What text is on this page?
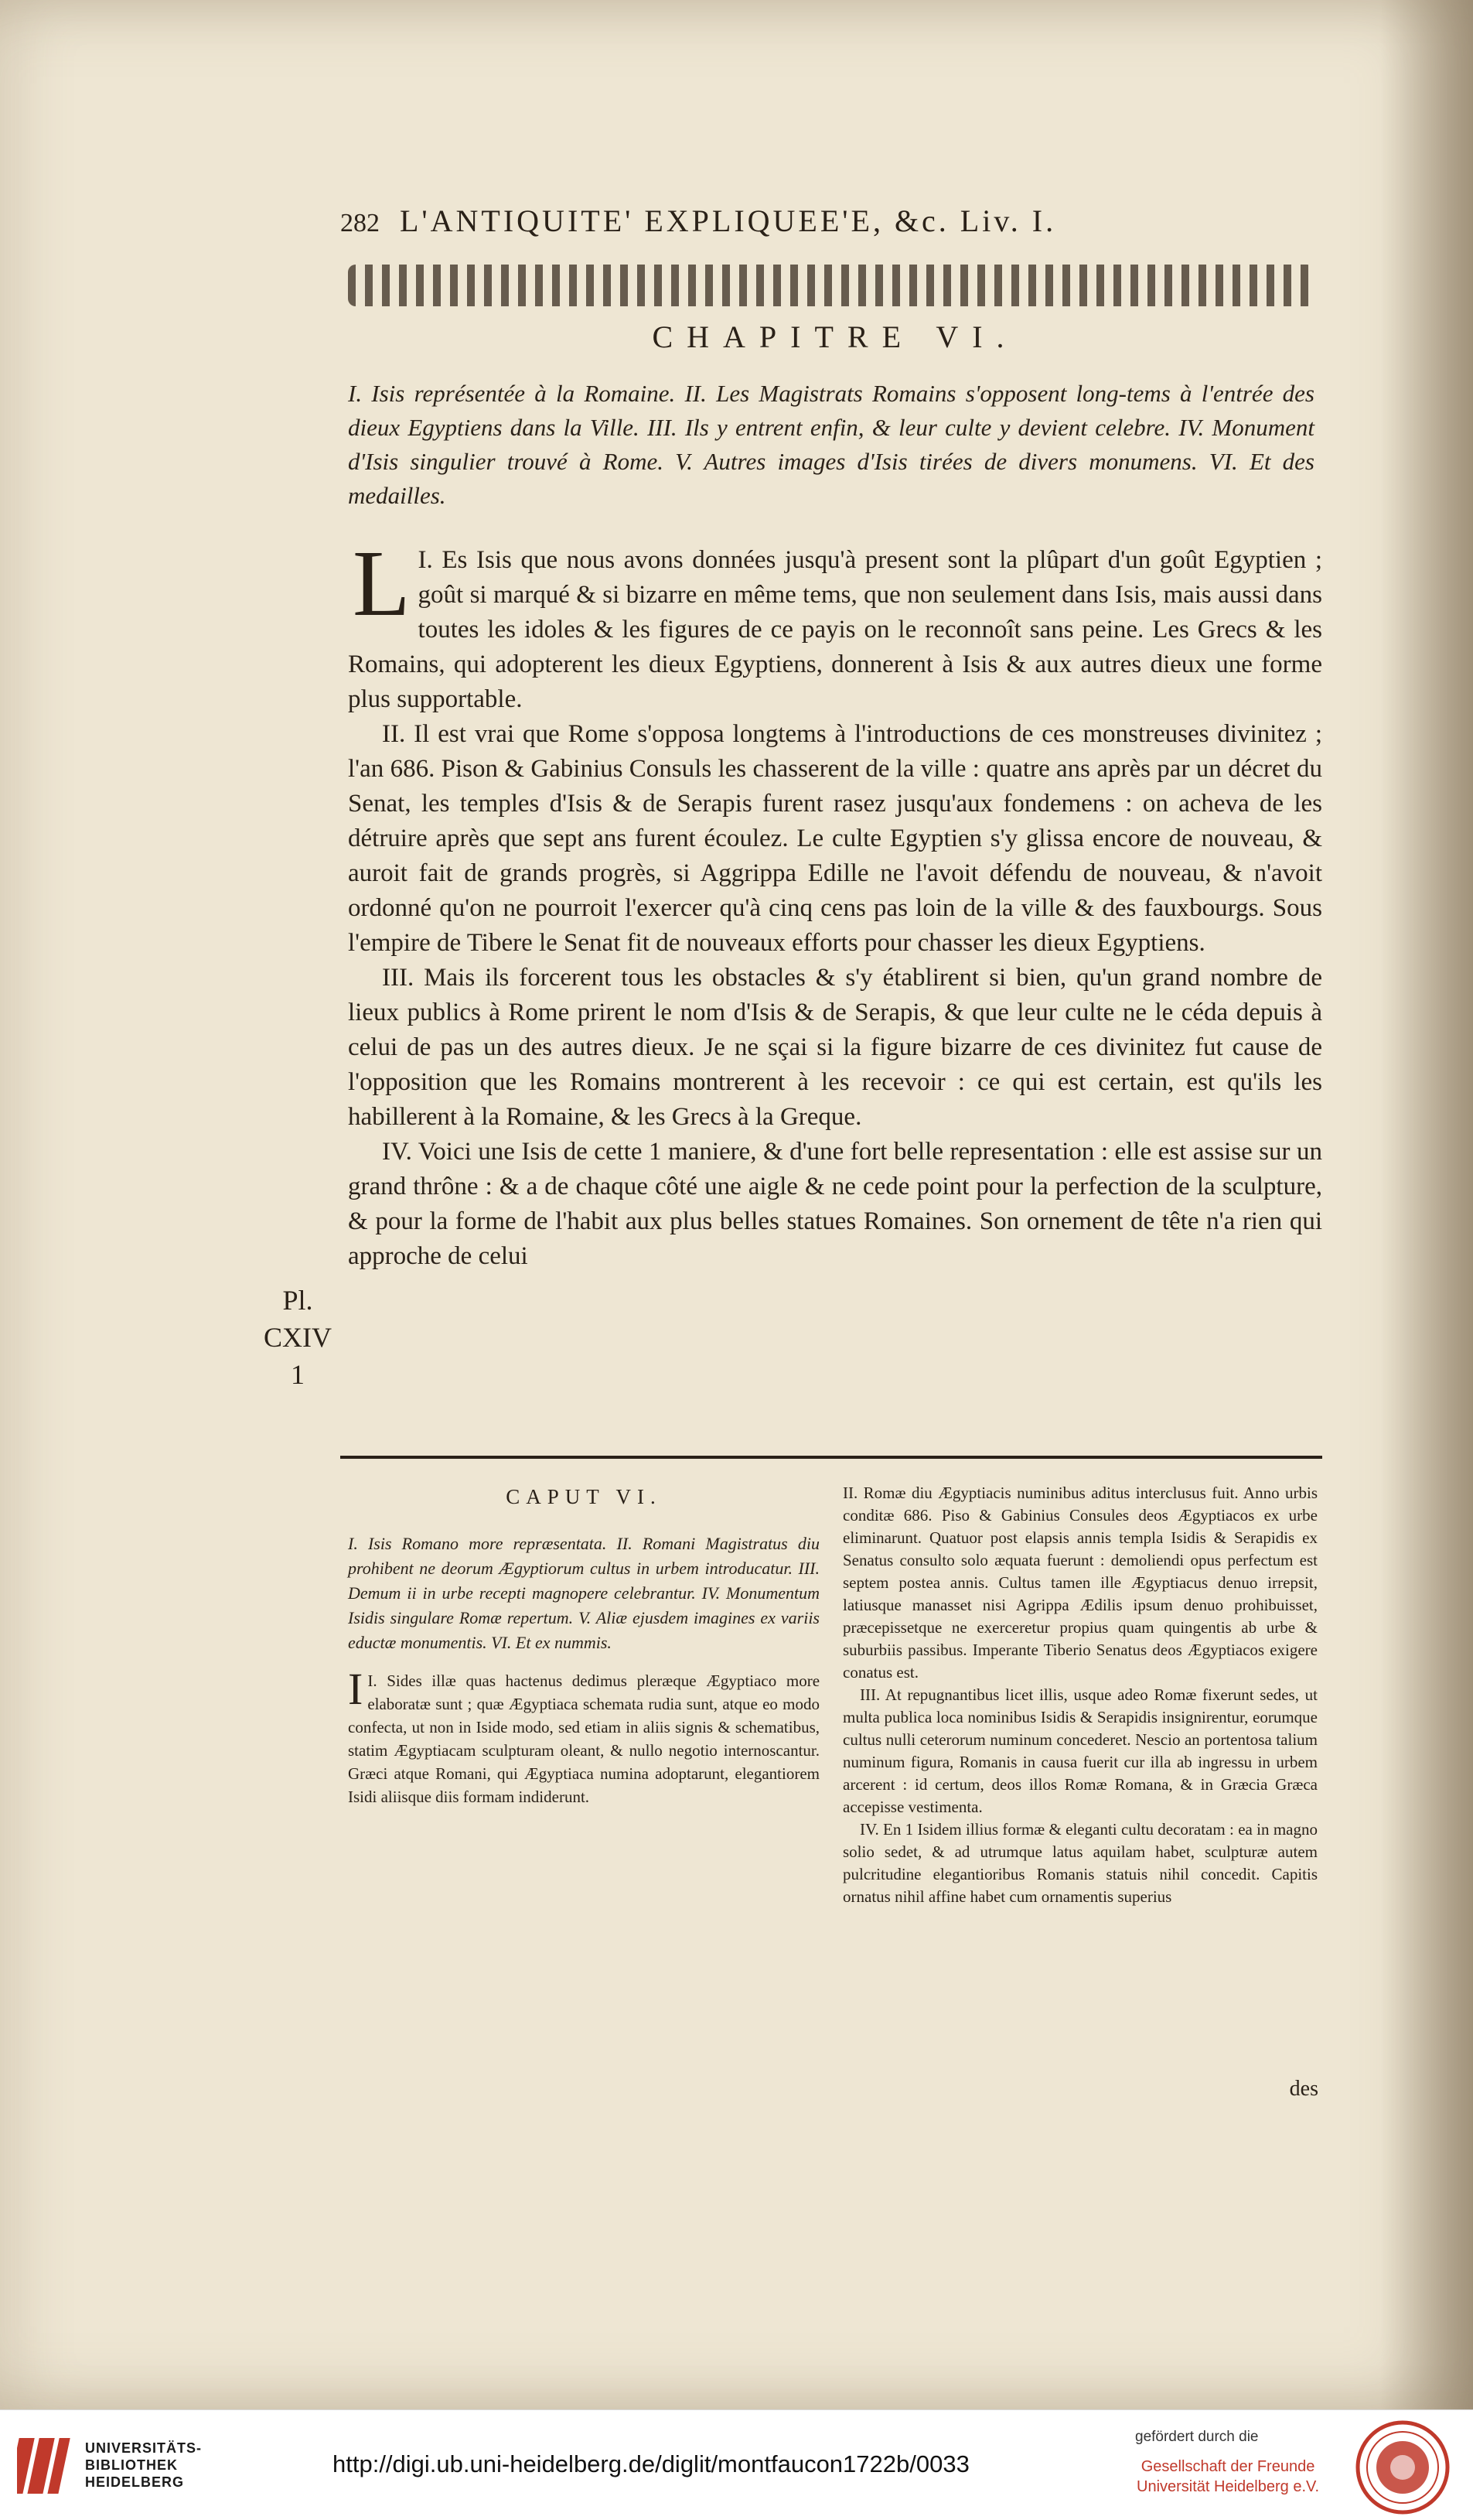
282 L'ANTIQUITE' EXPLIQUEE'E, &c. Liv. I.
CHAPITRE VI.
I. Isis représentée à la Romaine. II. Les Magistrats Romains s'opposent long-tems à l'entrée des dieux Egyptiens dans la Ville. III. Ils y entrent enfin, & leur culte y devient celebre. IV. Monument d'Isis singulier trouvé à Rome. V. Autres images d'Isis tirées de divers monumens. VI. Et des medailles.

I.
L Es Isis que nous avons données jusqu'à present sont la plûpart d'un goût Egyptien ; goût si marqué & si bizarre en même tems, que non seulement dans Isis, mais aussi dans toutes les idoles & les figures de ce payis on le reconnoît sans peine. Les Grecs & les Romains, qui adopterent les dieux Egyptiens, donnerent à Isis & aux autres dieux une forme plus supportable.

II. Il est vrai que Rome s'opposa longtems à l'introductions de ces monstreuses divinitez ; l'an 686. Pison & Gabinius Consuls les chasserent de la ville : quatre ans après par un décret du Senat, les temples d'Isis & de Serapis furent rasez jusqu'aux fondemens : on acheva de les détruire après que sept ans furent écoulez. Le culte Egyptien s'y glissa encore de nouveau, & auroit fait de grands progrès, si Aggrippa Edille ne l'avoit défendu de nouveau, & n'avoit ordonné qu'on ne pourroit l'exercer qu'à cinq cens pas loin de la ville & des fauxbourgs. Sous l'empire de Tibere le Senat fit de nouveaux efforts pour chasser les dieux Egyptiens.

III. Mais ils forcerent tous les obstacles & s'y établirent si bien, qu'un grand nombre de lieux publics à Rome prirent le nom d'Isis & de Serapis, & que leur culte ne le céda depuis à celui de pas un des autres dieux. Je ne sçai si la figure bizarre de ces divinitez fut cause de l'opposition que les Romains montrerent à les recevoir : ce qui est certain, est qu'ils les habillerent à la Romaine, & les Grecs à la Greque.

IV. Voici une Isis de cette 1 maniere, & d'une fort belle representation : elle est assise sur un grand thrône : & a de chaque côté une aigle & ne cede point pour la perfection de la sculpture, & pour la forme de l'habit aux plus belles statues Romaines. Son ornement de tête n'a rien qui approche de celui

Pl.
CXIV
1
CAPUT VI.
I. Isis Romano more repræsentata. II. Romani Magistratus diu prohibent ne deorum Ægyptiorum cultus in urbem introducatur. III. Demum ii in urbe recepti magnopere celebrantur. IV. Monumentum Isidis singulare Romæ repertum. V. Aliæ ejusdem imagines ex variis eductæ monumentis. VI. Et ex nummis.

I.
I Sides illæ quas hactenus dedimus pleræque Ægyptiaco more elaboratæ sunt ; quæ Ægyptiaca schemata rudia sunt, atque eo modo confecta, ut non in Iside modo, sed etiam in aliis signis & schematibus, statim Ægyptiacam sculpturam oleant, & nullo negotio internoscantur. Græci atque Romani, qui Ægyptiaca numina adoptarunt, elegantiorem Isidi aliisque diis formam indiderunt.

II. Romæ diu Ægyptiacis numinibus aditus interclusus fuit. Anno urbis conditæ 686. Piso & Gabinius Consules deos Ægyptiacos ex urbe eliminarunt. Quatuor post elapsis annis templa Isidis & Serapidis ex Senatus consulto solo æquata fuerunt : demoliendi opus perfectum est septem postea annis. Cultus tamen ille Ægyptiacus denuo irrepsit, latiusque manasset nisi Agrippa Ædilis ipsum denuo prohibuisset, præcepissetque ne exerceretur propius quam quingentis ab urbe & suburbiis passibus. Imperante Tiberio Senatus deos Ægyptiacos exigere conatus est.

III. At repugnantibus licet illis, usque adeo Romæ fixerunt sedes, ut multa publica loca nominibus Isidis & Serapidis insignirentur, eorumque cultus nulli ceterorum numinum concederet. Nescio an portentosa talium numinum figura, Romanis in causa fuerit cur illa ab ingressu in urbem arcerent : id certum, deos illos Romæ Romana, & in Græcia Græca accepisse vestimenta.

IV. En 1 Isidem illius formæ & eleganti cultu decoratam : ea in magno solio sedet, & ad utrumque latus aquilam habet, sculpturæ autem pulcritudine elegantioribus Romanis statuis nihil concedit. Capitis ornatus nihil affine habet cum ornamentis superius

des
UNIVERSITÄTS-
BIBLIOTHEK
HEIDELBERG
http://digi.ub.uni-heidelberg.de/diglit/montfaucon1722b/0033
gefördert durch die
Gesellschaft der Freunde
Universität Heidelberg e.V.
